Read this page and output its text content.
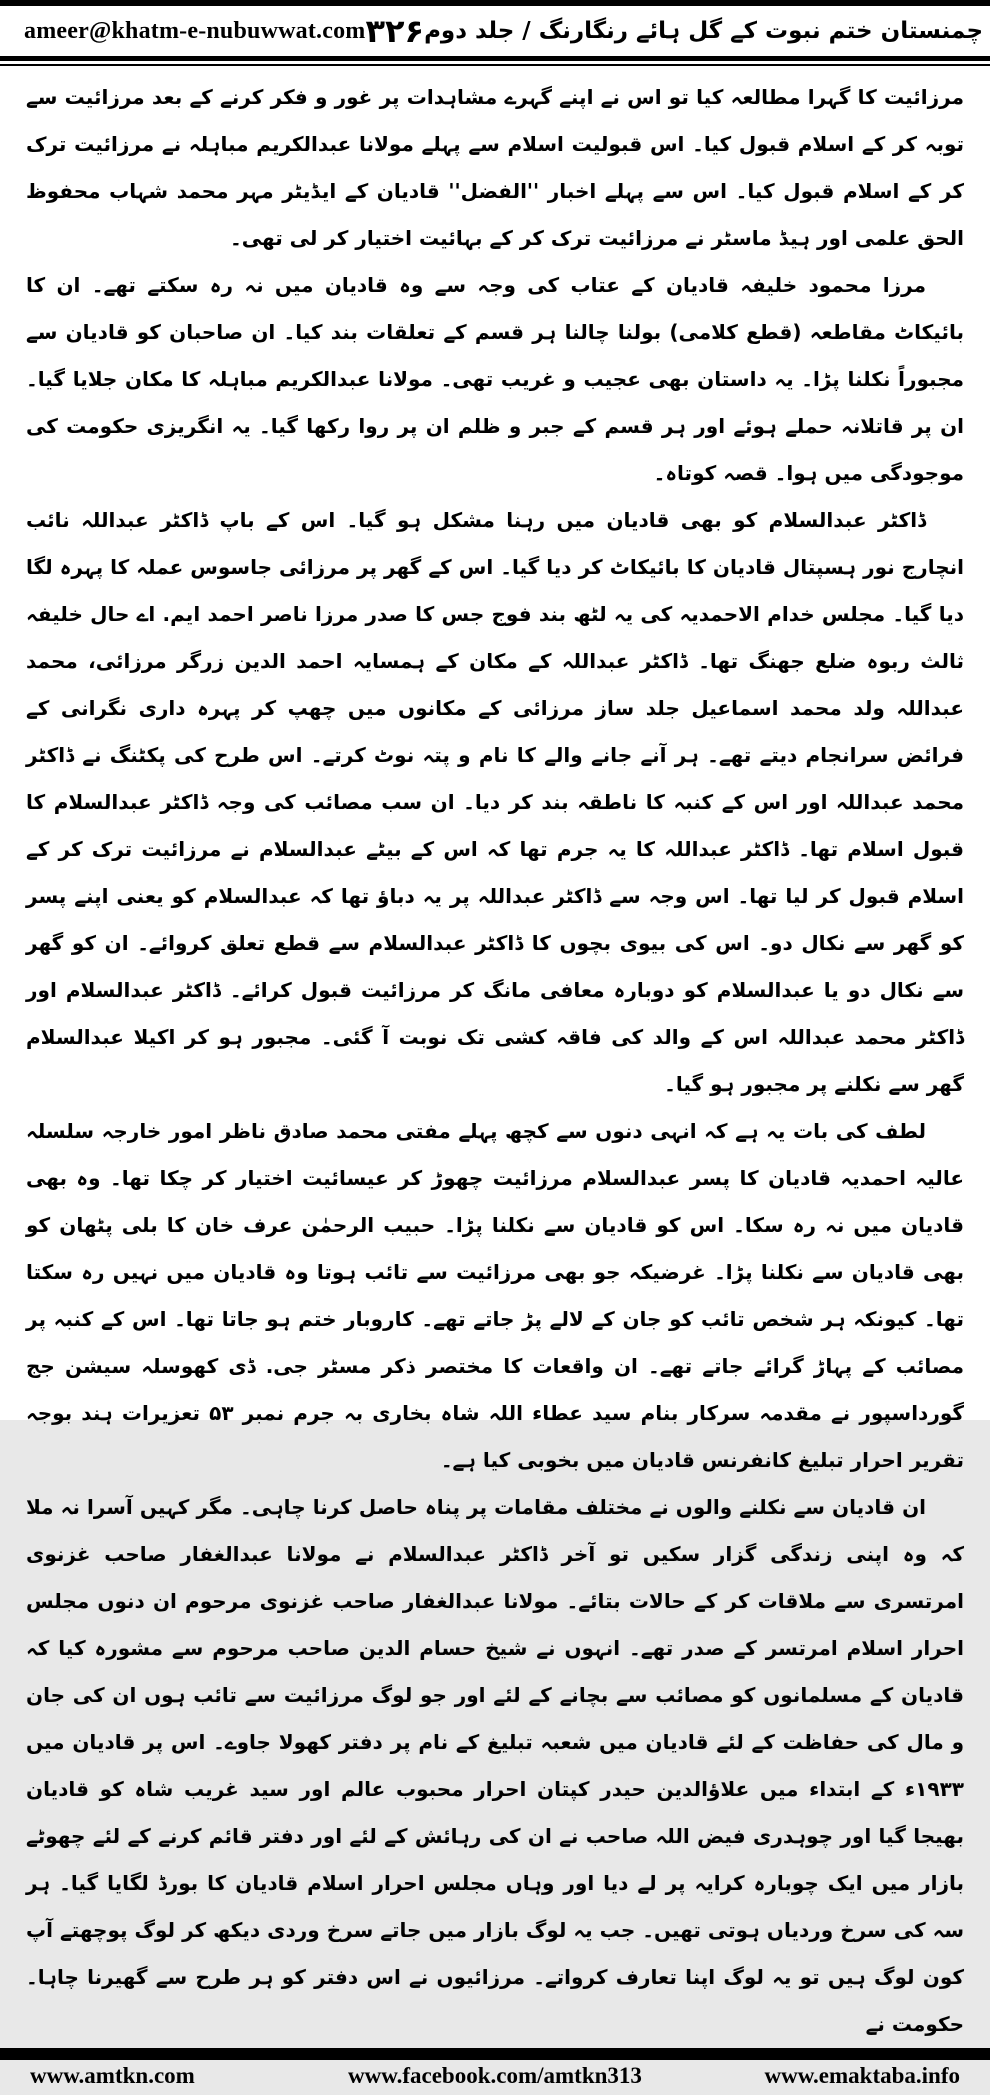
ameer@khatm-e-nubuwwat.com ۳۲۶ چمنستان ختم نبوت کے گل ہائے رنگارنگ / جلد دوم

مرزائیت کا گہرا مطالعہ کیا تو اس نے اپنے گہرے مشاہدات پر غور و فکر کرنے کے بعد مرزائیت سے توبہ کر کے اسلام قبول کیا۔ اس قبولیت اسلام سے پہلے مولانا عبدالکریم مباہلہ نے مرزائیت ترک کر کے اسلام قبول کیا۔ اس سے پہلے اخبار ''الفضل'' قادیان کے ایڈیٹر مہر محمد شہاب محفوظ الحق علمی اور ہیڈ ماسٹر نے مرزائیت ترک کر کے بہائیت اختیار کر لی تھی۔

مرزا محمود خلیفہ قادیان کے عتاب کی وجہ سے وہ قادیان میں نہ رہ سکتے تھے۔ ان کا بائیکاٹ مقاطعہ (قطع کلامی) بولنا چالنا ہر قسم کے تعلقات بند کیا۔ ان صاحبان کو قادیان سے مجبوراً نکلنا پڑا۔ یہ داستان بھی عجیب و غریب تھی۔ مولانا عبدالکریم مباہلہ کا مکان جلایا گیا۔ ان پر قاتلانہ حملے ہوئے اور ہر قسم کے جبر و ظلم ان پر روا رکھا گیا۔ یہ انگریزی حکومت کی موجودگی میں ہوا۔ قصہ کوتاہ۔

ڈاکٹر عبدالسلام کو بھی قادیان میں رہنا مشکل ہو گیا۔ اس کے باپ ڈاکٹر عبداللہ نائب انچارج نور ہسپتال قادیان کا بائیکاٹ کر دیا گیا۔ اس کے گھر پر مرزائی جاسوس عملہ کا پہرہ لگا دیا گیا۔ مجلس خدام الاحمدیہ کی یہ لٹھ بند فوج جس کا صدر مرزا ناصر احمد ایم. اے حال خلیفہ ثالث ربوہ ضلع جھنگ تھا۔ ڈاکٹر عبداللہ کے مکان کے ہمسایہ احمد الدین زرگر مرزائی، محمد عبداللہ ولد محمد اسماعیل جلد ساز مرزائی کے مکانوں میں چھپ کر پہرہ داری نگرانی کے فرائض سرانجام دیتے تھے۔ ہر آنے جانے والے کا نام و پتہ نوٹ کرتے۔ اس طرح کی پکٹنگ نے ڈاکٹر محمد عبداللہ اور اس کے کنبہ کا ناطقہ بند کر دیا۔ ان سب مصائب کی وجہ ڈاکٹر عبدالسلام کا قبول اسلام تھا۔ ڈاکٹر عبداللہ کا یہ جرم تھا کہ اس کے بیٹے عبدالسلام نے مرزائیت ترک کر کے اسلام قبول کر لیا تھا۔ اس وجہ سے ڈاکٹر عبداللہ پر یہ دباؤ تھا کہ عبدالسلام کو یعنی اپنے پسر کو گھر سے نکال دو۔ اس کی بیوی بچوں کا ڈاکٹر عبدالسلام سے قطع تعلق کروائے۔ ان کو گھر سے نکال دو یا عبدالسلام کو دوبارہ معافی مانگ کر مرزائیت قبول کرائے۔ ڈاکٹر عبدالسلام اور ڈاکٹر محمد عبداللہ اس کے والد کی فاقہ کشی تک نوبت آ گئی۔ مجبور ہو کر اکیلا عبدالسلام گھر سے نکلنے پر مجبور ہو گیا۔

لطف کی بات یہ ہے کہ انہی دنوں سے کچھ پہلے مفتی محمد صادق ناظر امور خارجہ سلسلہ عالیہ احمدیہ قادیان کا پسر عبدالسلام مرزائیت چھوڑ کر عیسائیت اختیار کر چکا تھا۔ وہ بھی قادیان میں نہ رہ سکا۔ اس کو قادیان سے نکلنا پڑا۔ حبیب الرحمٰن عرف خان کا بلی پٹھان کو بھی قادیان سے نکلنا پڑا۔ غرضیکہ جو بھی مرزائیت سے تائب ہوتا وہ قادیان میں نہیں رہ سکتا تھا۔ کیونکہ ہر شخص تائب کو جان کے لالے پڑ جاتے تھے۔ کاروبار ختم ہو جاتا تھا۔ اس کے کنبہ پر مصائب کے پہاڑ گرائے جاتے تھے۔ ان واقعات کا مختصر ذکر مسٹر جی. ڈی کھوسلہ سیشن جج گورداسپور نے مقدمہ سرکار بنام سید عطاء اللہ شاہ بخاری بہ جرم نمبر ۵۳ تعزیرات ہند بوجہ تقریر احرار تبلیغ کانفرنس قادیان میں بخوبی کیا ہے۔

ان قادیان سے نکلنے والوں نے مختلف مقامات پر پناہ حاصل کرنا چاہی۔ مگر کہیں آسرا نہ ملا کہ وہ اپنی زندگی گزار سکیں تو آخر ڈاکٹر عبدالسلام نے مولانا عبدالغفار صاحب غزنوی امرتسری سے ملاقات کر کے حالات بتائے۔ مولانا عبدالغفار صاحب غزنوی مرحوم ان دنوں مجلس احرار اسلام امرتسر کے صدر تھے۔ انہوں نے شیخ حسام الدین صاحب مرحوم سے مشورہ کیا کہ قادیان کے مسلمانوں کو مصائب سے بچانے کے لئے اور جو لوگ مرزائیت سے تائب ہوں ان کی جان و مال کی حفاظت کے لئے قادیان میں شعبہ تبلیغ کے نام پر دفتر کھولا جاوے۔ اس پر قادیان میں ۱۹۳۳ء کے ابتداء میں علاؤالدین حیدر کپتان احرار محبوب عالم اور سید غریب شاہ کو قادیان بھیجا گیا اور چوہدری فیض اللہ صاحب نے ان کی رہائش کے لئے اور دفتر قائم کرنے کے لئے چھوٹے بازار میں ایک چوبارہ کرایہ پر لے دیا اور وہاں مجلس احرار اسلام قادیان کا بورڈ لگایا گیا۔ ہر سہ کی سرخ وردیاں ہوتی تھیں۔ جب یہ لوگ بازار میں جاتے سرخ وردی دیکھ کر لوگ پوچھتے آپ کون لوگ ہیں تو یہ لوگ اپنا تعارف کرواتے۔ مرزائیوں نے اس دفتر کو ہر طرح سے گھیرنا چاہا۔ حکومت نے

www.amtkn.com	www.facebook.com/amtkn313	www.emaktaba.info
